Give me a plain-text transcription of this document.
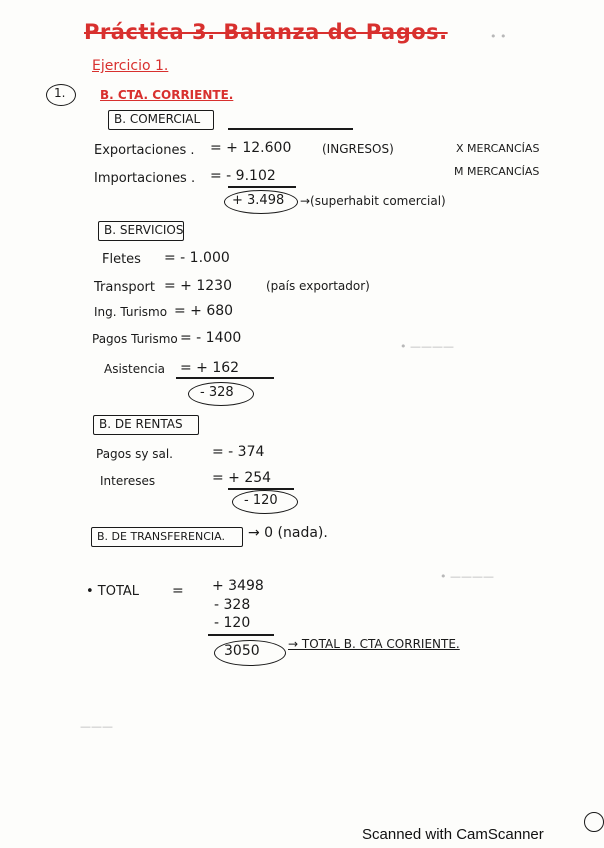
Práctica 3. Balanza de Pagos.
Ejercicio 1.
1.	B. CTA. CORRIENTE.
B. COMERCIAL
Exportaciones . = + 12.600	(INGRESOS)	X MERCANCÍAS
Importaciones . = - 9.102	M MERCANCÍAS
+ 3.498 →(superhabit comercial)
B. SERVICIOS
Fletes = - 1.000
Transport = + 1230	(país exportador)
Ing. Turismo = + 680
Pagos Turismo = - 1400
Asistencia = + 162
- 328
B. DE RENTAS
Pagos sy sal.	= - 374
Intereses	= + 254
- 120
B. DE TRANSFERENCIA. → 0 (nada).
• TOTAL = + 3498
- 328
- 120
3050 → TOTAL B. CTA CORRIENTE.
• •
• ————
• ————
———
Scanned with CamScanner
